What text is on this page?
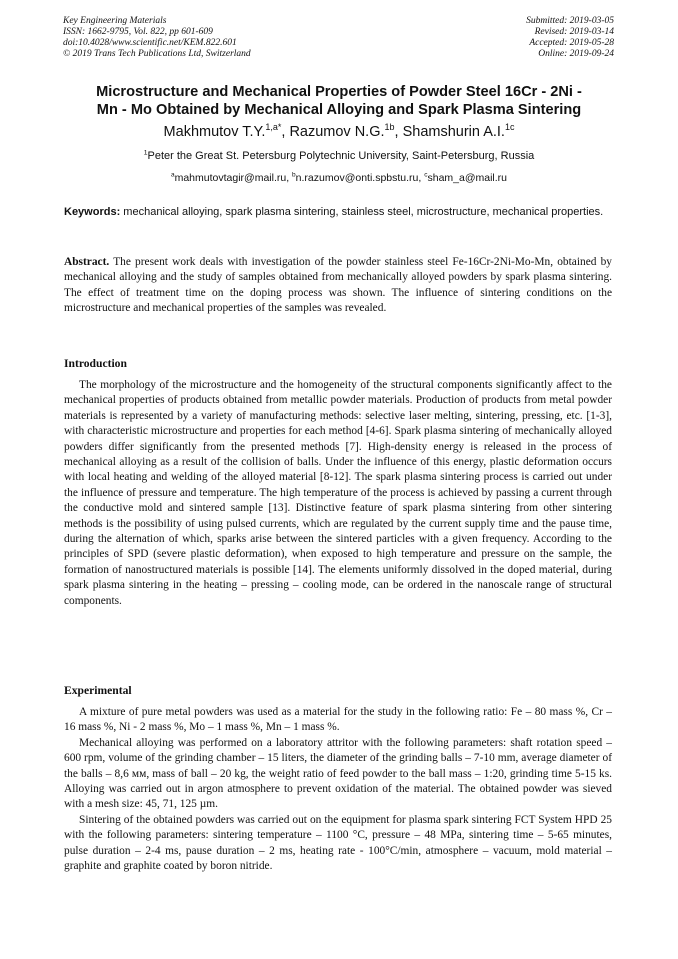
Key Engineering Materials
ISSN: 1662-9795, Vol. 822, pp 601-609
doi:10.4028/www.scientific.net/KEM.822.601
© 2019 Trans Tech Publications Ltd, Switzerland
Submitted: 2019-03-05
Revised: 2019-03-14
Accepted: 2019-05-28
Online: 2019-09-24
Microstructure and Mechanical Properties of Powder Steel 16Cr - 2Ni -
Mn - Mo Obtained by Mechanical Alloying and Spark Plasma Sintering
Makhmutov T.Y.$^{1,a*}$, Razumov N.G.$^{1b}$, Shamshurin A.I.$^{1c}$
$^1$Peter the Great St. Petersburg Polytechnic University, Saint-Petersburg, Russia
$^a$mahmutovtagir@mail.ru, $^b$n.razumov@onti.spbstu.ru, $^c$sham_a@mail.ru
Keywords: mechanical alloying, spark plasma sintering, stainless steel, microstructure, mechanical properties.
Abstract. The present work deals with investigation of the powder stainless steel Fe-16Cr-2Ni-Mo-Mn, obtained by mechanical alloying and the study of samples obtained from mechanically alloyed powders by spark plasma sintering. The effect of treatment time on the doping process was shown. The influence of sintering conditions on the microstructure and mechanical properties of the samples was revealed.
Introduction

The morphology of the microstructure and the homogeneity of the structural components significantly affect to the mechanical properties of products obtained from metallic powder materials. Production of products from metal powder materials is represented by a variety of manufacturing methods: selective laser melting, sintering, pressing, etc. [1-3], with characteristic microstructure and properties for each method [4-6]. Spark plasma sintering of mechanically alloyed powders differ significantly from the presented methods [7]. High-density energy is released in the process of mechanical alloying as a result of the collision of balls. Under the influence of this energy, plastic deformation occurs with local heating and welding of the alloyed material [8-12]. The spark plasma sintering process is carried out under the influence of pressure and temperature. The high temperature of the process is achieved by passing a current through the conductive mold and sintered sample [13]. Distinctive feature of spark plasma sintering from other sintering methods is the possibility of using pulsed currents, which are regulated by the current supply time and the pause time, during the alternation of which, sparks arise between the sintered particles with a given frequency. According to the principles of SPD (severe plastic deformation), when exposed to high temperature and pressure on the sample, the formation of nanostructured materials is possible [14]. The elements uniformly dissolved in the doped material, during spark plasma sintering in the heating – pressing – cooling mode, can be ordered in the nanoscale range of structural components.

Experimental

A mixture of pure metal powders was used as a material for the study in the following ratio: Fe – 80 mass %, Cr – 16 mass %, Ni - 2 mass %, Mo – 1 mass %, Mn – 1 mass %.

Mechanical alloying was performed on a laboratory attritor with the following parameters: shaft rotation speed – 600 rpm, volume of the grinding chamber – 15 liters, the diameter of the grinding balls – 7-10 mm, average diameter of the balls – 8,6 мм, mass of ball – 20 kg, the weight ratio of feed powder to the ball mass – 1:20, grinding time 5-15 ks. Alloying was carried out in argon atmosphere to prevent oxidation of the material. The obtained powder was sieved with a mesh size: 45, 71, 125 µm.

Sintering of the obtained powders was carried out on the equipment for plasma spark sintering FCT System HPD 25 with the following parameters: sintering temperature – 1100 °C, pressure – 48 MPa, sintering time – 5-65 minutes, pulse duration – 2-4 ms, pause duration – 2 ms, heating rate - 100°C/min, atmosphere – vacuum, mold material – graphite and graphite coated by boron nitride.
